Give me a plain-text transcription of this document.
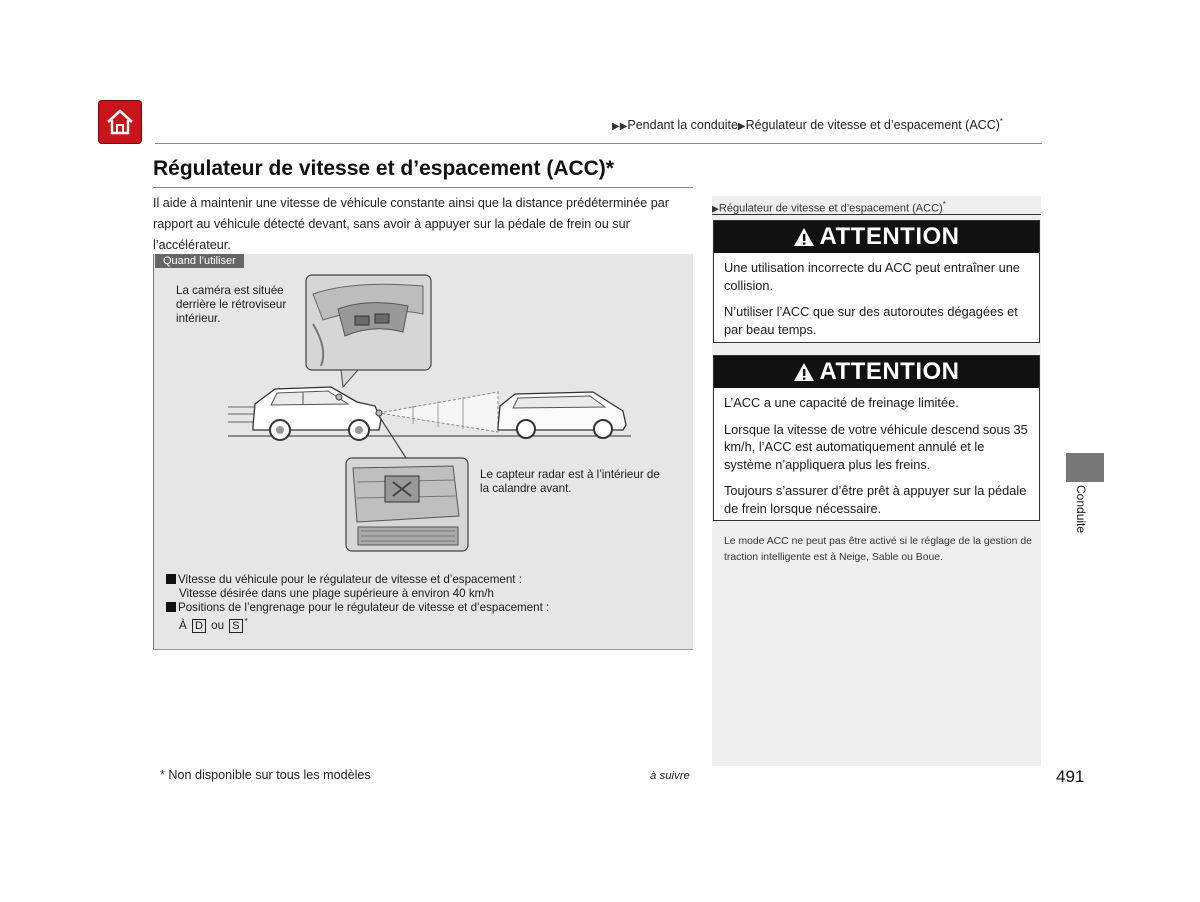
▶▶Pendant la conduite▶Régulateur de vitesse et d’espacement (ACC)*
Régulateur de vitesse et d’espacement (ACC)*
Il aide à maintenir une vitesse de véhicule constante ainsi que la distance prédéterminée par rapport au véhicule détecté devant, sans avoir à appuyer sur la pédale de frein ou sur l’accélérateur.
Quand l’utiliser
La caméra est située derrière le rétroviseur intérieur.
Le capteur radar est à l’intérieur de la calandre avant.
Vitesse du véhicule pour le régulateur de vitesse et d’espacement :
Vitesse désirée dans une plage supérieure à environ 40 km/h
Positions de l’engrenage pour le régulateur de vitesse et d’espacement :
À D ou S *
▶Régulateur de vitesse et d’espacement (ACC)*
ATTENTION

Une utilisation incorrecte du ACC peut entraîner une collision.

N’utiliser l’ACC que sur des autoroutes dégagées et par beau temps.

ATTENTION

L’ACC a une capacité de freinage limitée.

Lorsque la vitesse de votre véhicule descend sous 35 km/h, l’ACC est automatiquement annulé et le système n’appliquera plus les freins.

Toujours s’assurer d’être prêt à appuyer sur la pédale de frein lorsque nécessaire.

Le mode ACC ne peut pas être activé si le réglage de la gestion de traction intelligente est à Neige, Sable ou Boue.
Conduite
* Non disponible sur tous les modèles	à suivre	491
